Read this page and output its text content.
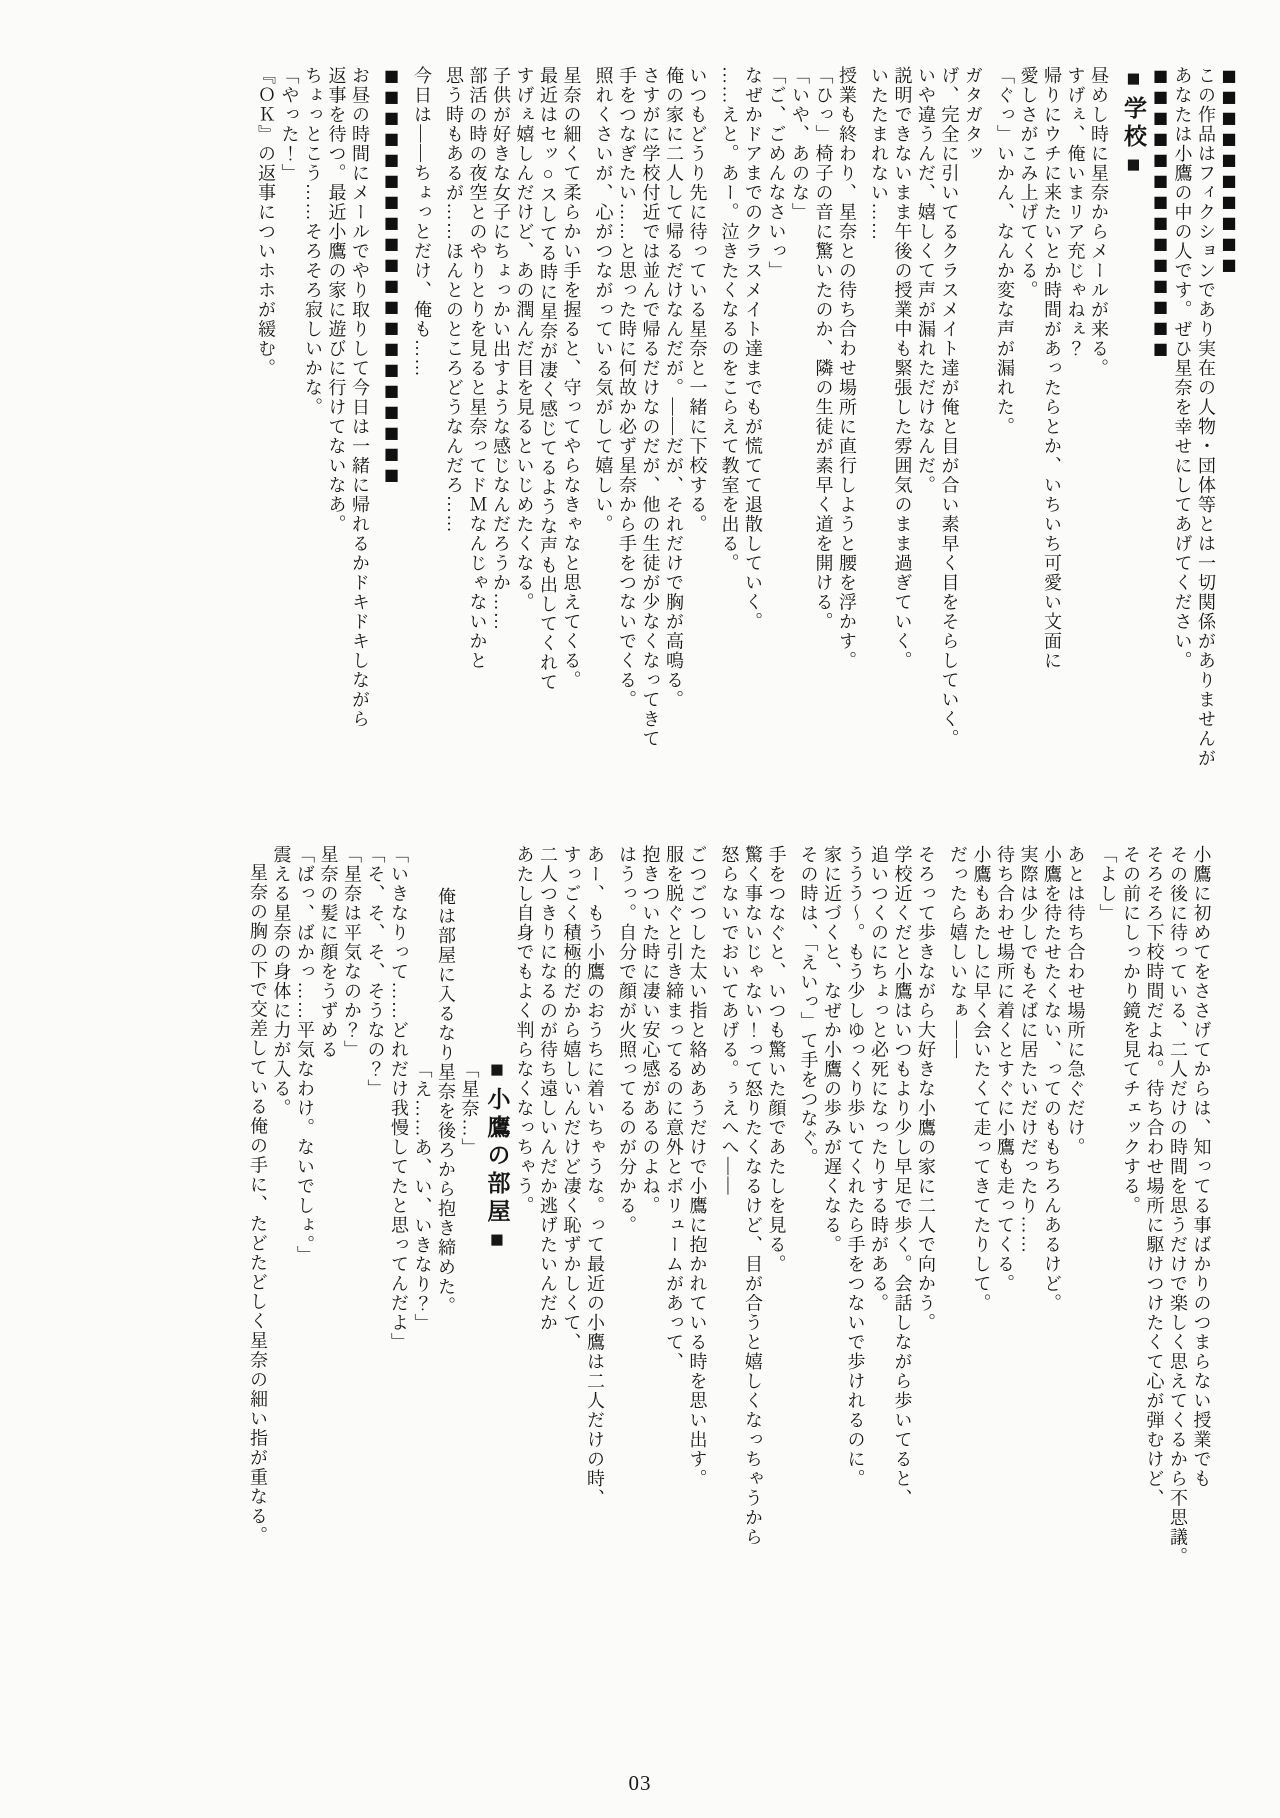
■■■■■■■■■■

この作品はフィクションであり実在の人物・団体等とは一切関係がありませんが

あなたは小鷹の中の人です。ぜひ星奈を幸せにしてあげてください。

■■■■■■■■■■■■■■

■学校■

昼めし時に星奈からメールが来る。

すげぇ、俺いまリア充じゃねぇ？

帰りにウチに来たいとか時間があったらとか、いちいち可愛い文面に

愛しさがこみ上げてくる。

「ぐっ」いかん、なんか変な声が漏れた。

ガタガタッ

げ、完全に引いてるクラスメイト達が俺と目が合い素早く目をそらしていく。

いや違うんだ、嬉しくて声が漏れただけなんだ。

説明できないまま午後の授業中も緊張した雰囲気のまま過ぎていく。

いたたまれない……

授業も終わり、星奈との待ち合わせ場所に直行しようと腰を浮かす。

「ひっ」椅子の音に驚いたのか、隣の生徒が素早く道を開ける。

「いや、あのな」

「ご、ごめんなさいっ」

なぜかドアまでのクラスメイト達までもが慌てて退散していく。

……えと。あー。泣きたくなるのをこらえて教室を出る。

いつもどうり先に待っている星奈と一緒に下校する。

俺の家に二人して帰るだけなんだが。――だが、それだけで胸が高鳴る。

さすがに学校付近では並んで帰るだけなのだが、他の生徒が少なくなってきて

手をつなぎたい……と思った時に何故か必ず星奈から手をつないでくる。

照れくさいが、心がつながっている気がして嬉しい。

星奈の細くて柔らかい手を握ると、守ってやらなきゃなと思えてくる。

最近はセッ○スしてる時に星奈が凄く感じてるような声も出してくれて

すげぇ嬉しんだけど、あの潤んだ目を見るといじめたくなる。

子供が好きな女子にちょっかい出すような感じなんだろうか……

部活の時の夜空とのやりとりを見ると星奈ってドＭなんじゃないかと

思う時もあるが……ほんとのところどうなんだろ……

今日は――ちょっとだけ、俺も……

■■■■■■■■■■■■■■■■■■■■

お昼の時間にメールでやり取りして今日は一緒に帰れるかドキドキしながら

返事を待つ。最近小鷹の家に遊びに行けてないなあ。

ちょっとこう……そろそろ寂しいかな。

「やった！」

『ＯＫ』の返事についホホが緩む。

小鷹に初めてをささげてからは、知ってる事ばかりのつまらない授業でも

その後に待っている、二人だけの時間を思うだけで楽しく思えてくるから不思議。

そろそろ下校時間だよね。待ち合わせ場所に駆けつけたくて心が弾むけど、

その前にしっかり鏡を見てチェックする。

「よし」

あとは待ち合わせ場所に急ぐだけ。

小鷹を待たせたくない、ってのももちろんあるけど。

実際は少しでもそばに居たいだけだったり……

待ち合わせ場所に着くとすぐに小鷹も走ってくる。

小鷹もあたしに早く会いたくて走ってきてたりして。

だったら嬉しいなぁ――

そろって歩きながら大好きな小鷹の家に二人で向かう。

学校近くだと小鷹はいつもより少し早足で歩く。会話しながら歩いてると、

追いつくのにちょっと必死になったりする時がある。

ううう〜。もう少しゆっくり歩いてくれたら手をつないで歩けれるのに。

家に近づくと、なぜか小鷹の歩みが遅くなる。

その時は、「えいっ」て手をつなぐ。

手をつなぐと、いつも驚いた顔であたしを見る。

驚く事ないじゃない！って怒りたくなるけど、目が合うと嬉しくなっちゃうから

怒らないでおいてあげる。ぅえへへ――

ごつごつした太い指と絡めあうだけで小鷹に抱かれている時を思い出す。

服を脱ぐと引き締まってるのに意外とボリュームがあって、

抱きついた時に凄い安心感があるのよね。

はうっ。自分で顔が火照ってるのが分かる。

あー、もう小鷹のおうちに着いちゃうな。って最近の小鷹は二人だけの時、

すっごく積極的だから嬉しいんだけど凄く恥ずかしくて、

二人つきりになるのが待ち遠しいんだか逃げたいんだか

あたし自身でもよく判らなくなっちゃう。

■小鷹の部屋■

「星奈…」

俺は部屋に入るなり星奈を後ろから抱き締めた。

「え……あ、い、いきなり？」

「いきなりって……どれだけ我慢してたと思ってんだよ」

「そ、そ、そ、そうなの？」

「星奈は平気なのか？」

星奈の髪に顔をうずめる

「ばっ、ばかっ……平気なわけ。ないでしょ。」

震える星奈の身体に力が入る。

星奈の胸の下で交差している俺の手に、たどたどしく星奈の細い指が重なる。

03
